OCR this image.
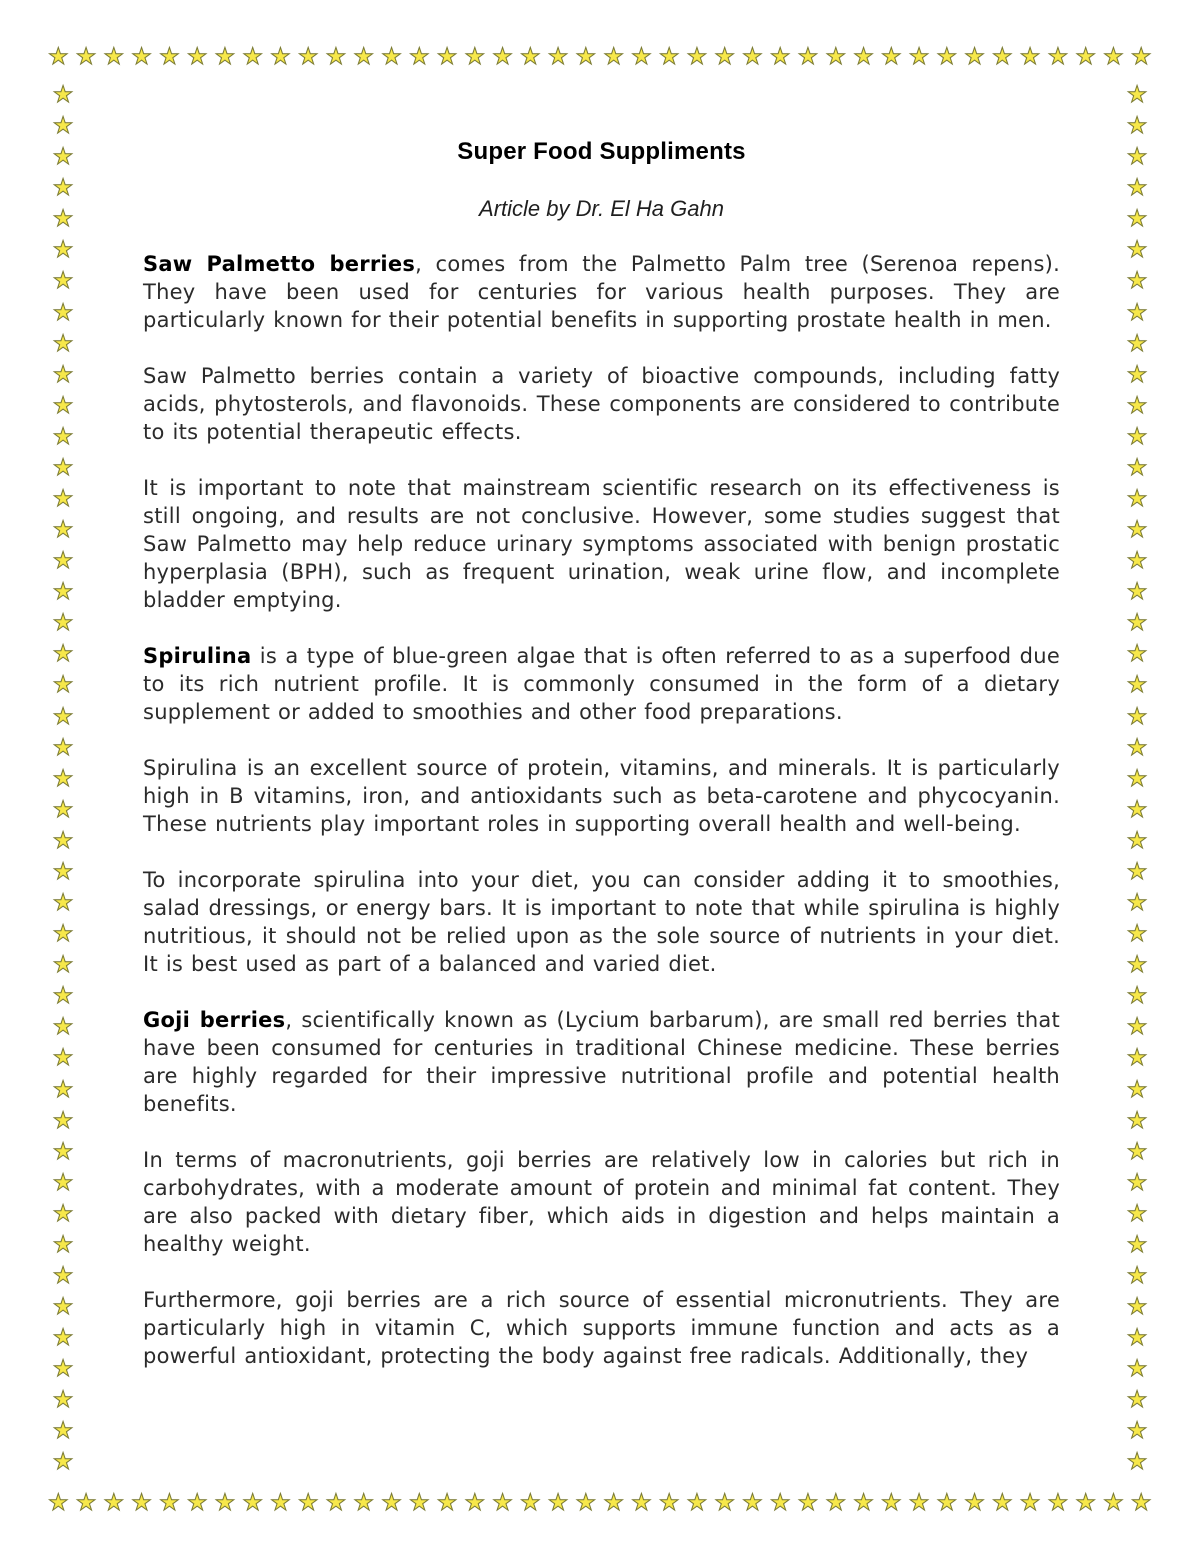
★ ★ ★ ★ ★ ★ ★ ★ ★ ★ ★ ★ ★ ★ ★ ★ ★ ★ ★ ★ ★ ★ ★ ★ ★ ★ ★ ★ ★ ★ ★ ★ ★ ★ ★ ★ ★ ★ ★ ★
★
★
★
★
★
★
★
★
★
★
★
★
★
★
★
★
★
★
★
★
★
★
★
★
★
★
★
★
★
★
★
★
★
★
★
★
★
★
★
★
★
★
★
★
★
★
★
★
★
★
★
★
★
★
★
★
★
★
★
★
★
★
★
★
★
★
★
★
★
★
★
★
★
★
★
★
★
★
★
★
★
★
★
★
★
★
★
★
★
★
★ ★ ★ ★ ★ ★ ★ ★ ★ ★ ★ ★ ★ ★ ★ ★ ★ ★ ★ ★ ★ ★ ★ ★ ★ ★ ★ ★ ★ ★ ★ ★ ★ ★ ★ ★ ★ ★ ★ ★
Super Food Suppliments
Article by Dr. El Ha Gahn

Saw Palmetto berries, comes from the Palmetto Palm tree (Serenoa repens). They have been used for centuries for various health purposes. They are particularly known for their potential benefits in supporting prostate health in men.

Saw Palmetto berries contain a variety of bioactive compounds, including fatty acids, phytosterols, and flavonoids. These components are considered to contribute to its potential therapeutic effects.

It is important to note that mainstream scientific research on its effectiveness is still ongoing, and results are not conclusive. However, some studies suggest that Saw Palmetto may help reduce urinary symptoms associated with benign prostatic hyperplasia (BPH), such as frequent urination, weak urine flow, and incomplete bladder emptying.

Spirulina is a type of blue-green algae that is often referred to as a superfood due to its rich nutrient profile. It is commonly consumed in the form of a dietary supplement or added to smoothies and other food preparations.

Spirulina is an excellent source of protein, vitamins, and minerals. It is particularly high in B vitamins, iron, and antioxidants such as beta-carotene and phycocyanin. These nutrients play important roles in supporting overall health and well-being.

To incorporate spirulina into your diet, you can consider adding it to smoothies, salad dressings, or energy bars. It is important to note that while spirulina is highly nutritious, it should not be relied upon as the sole source of nutrients in your diet. It is best used as part of a balanced and varied diet.

Goji berries, scientifically known as (Lycium barbarum), are small red berries that have been consumed for centuries in traditional Chinese medicine. These berries are highly regarded for their impressive nutritional profile and potential health benefits.

In terms of macronutrients, goji berries are relatively low in calories but rich in carbohydrates, with a moderate amount of protein and minimal fat content. They are also packed with dietary fiber, which aids in digestion and helps maintain a healthy weight.

Furthermore, goji berries are a rich source of essential micronutrients. They are particularly high in vitamin C, which supports immune function and acts as a powerful antioxidant, protecting the body against free radicals. Additionally, they
